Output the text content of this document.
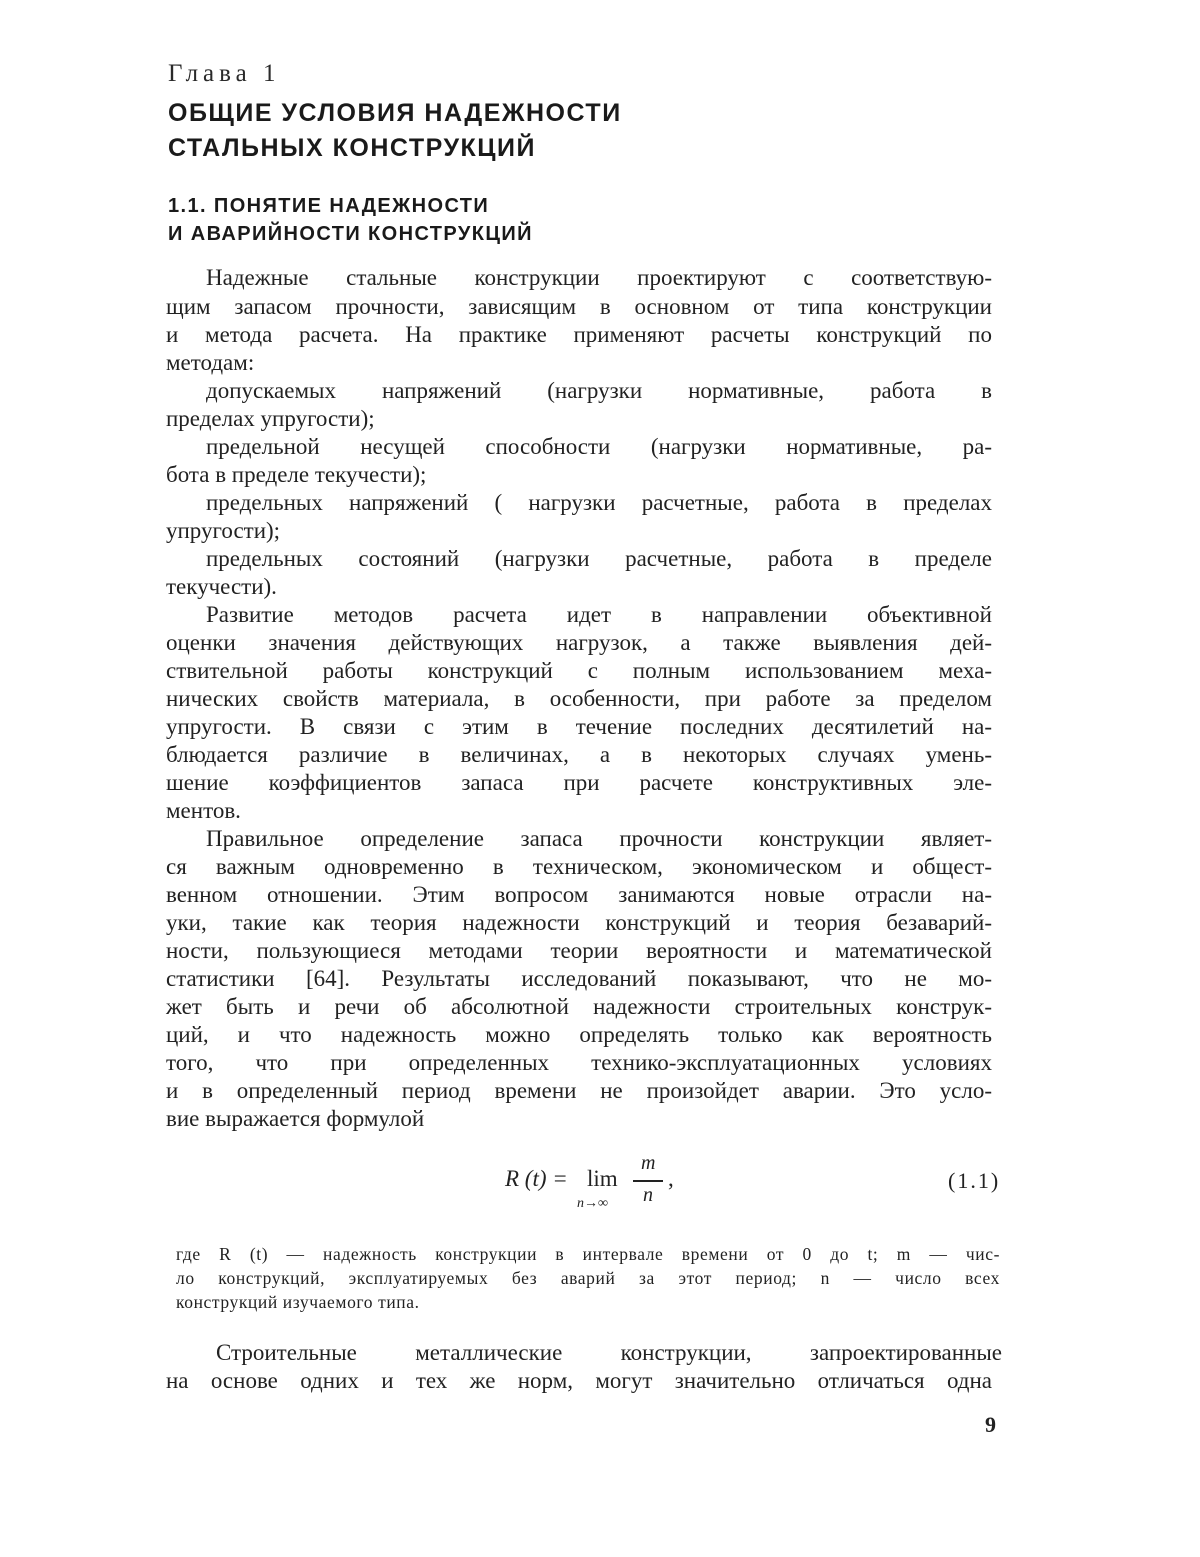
Глава 1
ОБЩИЕ УСЛОВИЯ НАДЕЖНОСТИ
СТАЛЬНЫХ КОНСТРУКЦИЙ
1.1. ПОНЯТИЕ НАДЕЖНОСТИ
И АВАРИЙНОСТИ КОНСТРУКЦИЙ
Надежные стальные конструкции проектируют с соответствую-
щим запасом прочности, зависящим в основном от типа конструкции
и метода расчета. На практике применяют расчеты конструкций по
методам:
допускаемых напряжений (нагрузки нормативные, работа в
пределах упругости);
предельной несущей способности (нагрузки нормативные, ра-
бота в пределе текучести);
предельных напряжений ( нагрузки расчетные, работа в пределах
упругости);
предельных состояний (нагрузки расчетные, работа в пределе
текучести).
Развитие методов расчета идет в направлении объективной
оценки значения действующих нагрузок, а также выявления дей-
ствительной работы конструкций с полным использованием меха-
нических свойств материала, в особенности, при работе за пределом
упругости. В связи с этим в течение последних десятилетий на-
блюдается различие в величинах, а в некоторых случаях умень-
шение коэффициентов запаса при расчете конструктивных эле-
ментов.
Правильное определение запаса прочности конструкции являет-
ся важным одновременно в техническом, экономическом и общест-
венном отношении. Этим вопросом занимаются новые отрасли на-
уки, такие как теория надежности конструкций и теория безаварий-
ности, пользующиеся методами теории вероятности и математической
статистики [64]. Результаты исследований показывают, что не мо-
жет быть и речи об абсолютной надежности строительных конструк-
ций, и что надежность можно определять только как вероятность
того, что при определенных технико-эксплуатационных условиях
и в определенный период времени не произойдет аварии. Это усло-
вие выражается формулой
R (t) = lim
n→∞
m
n
,	(1.1)
где R (t) — надежность конструкции в интервале времени от 0 до t; m — чис-
ло конструкций, эксплуатируемых без аварий за этот период; n — число всех
конструкций изучаемого типа.
Строительные металлические конструкции, запроектированные
на основе одних и тех же норм, могут значительно отличаться одна
9
